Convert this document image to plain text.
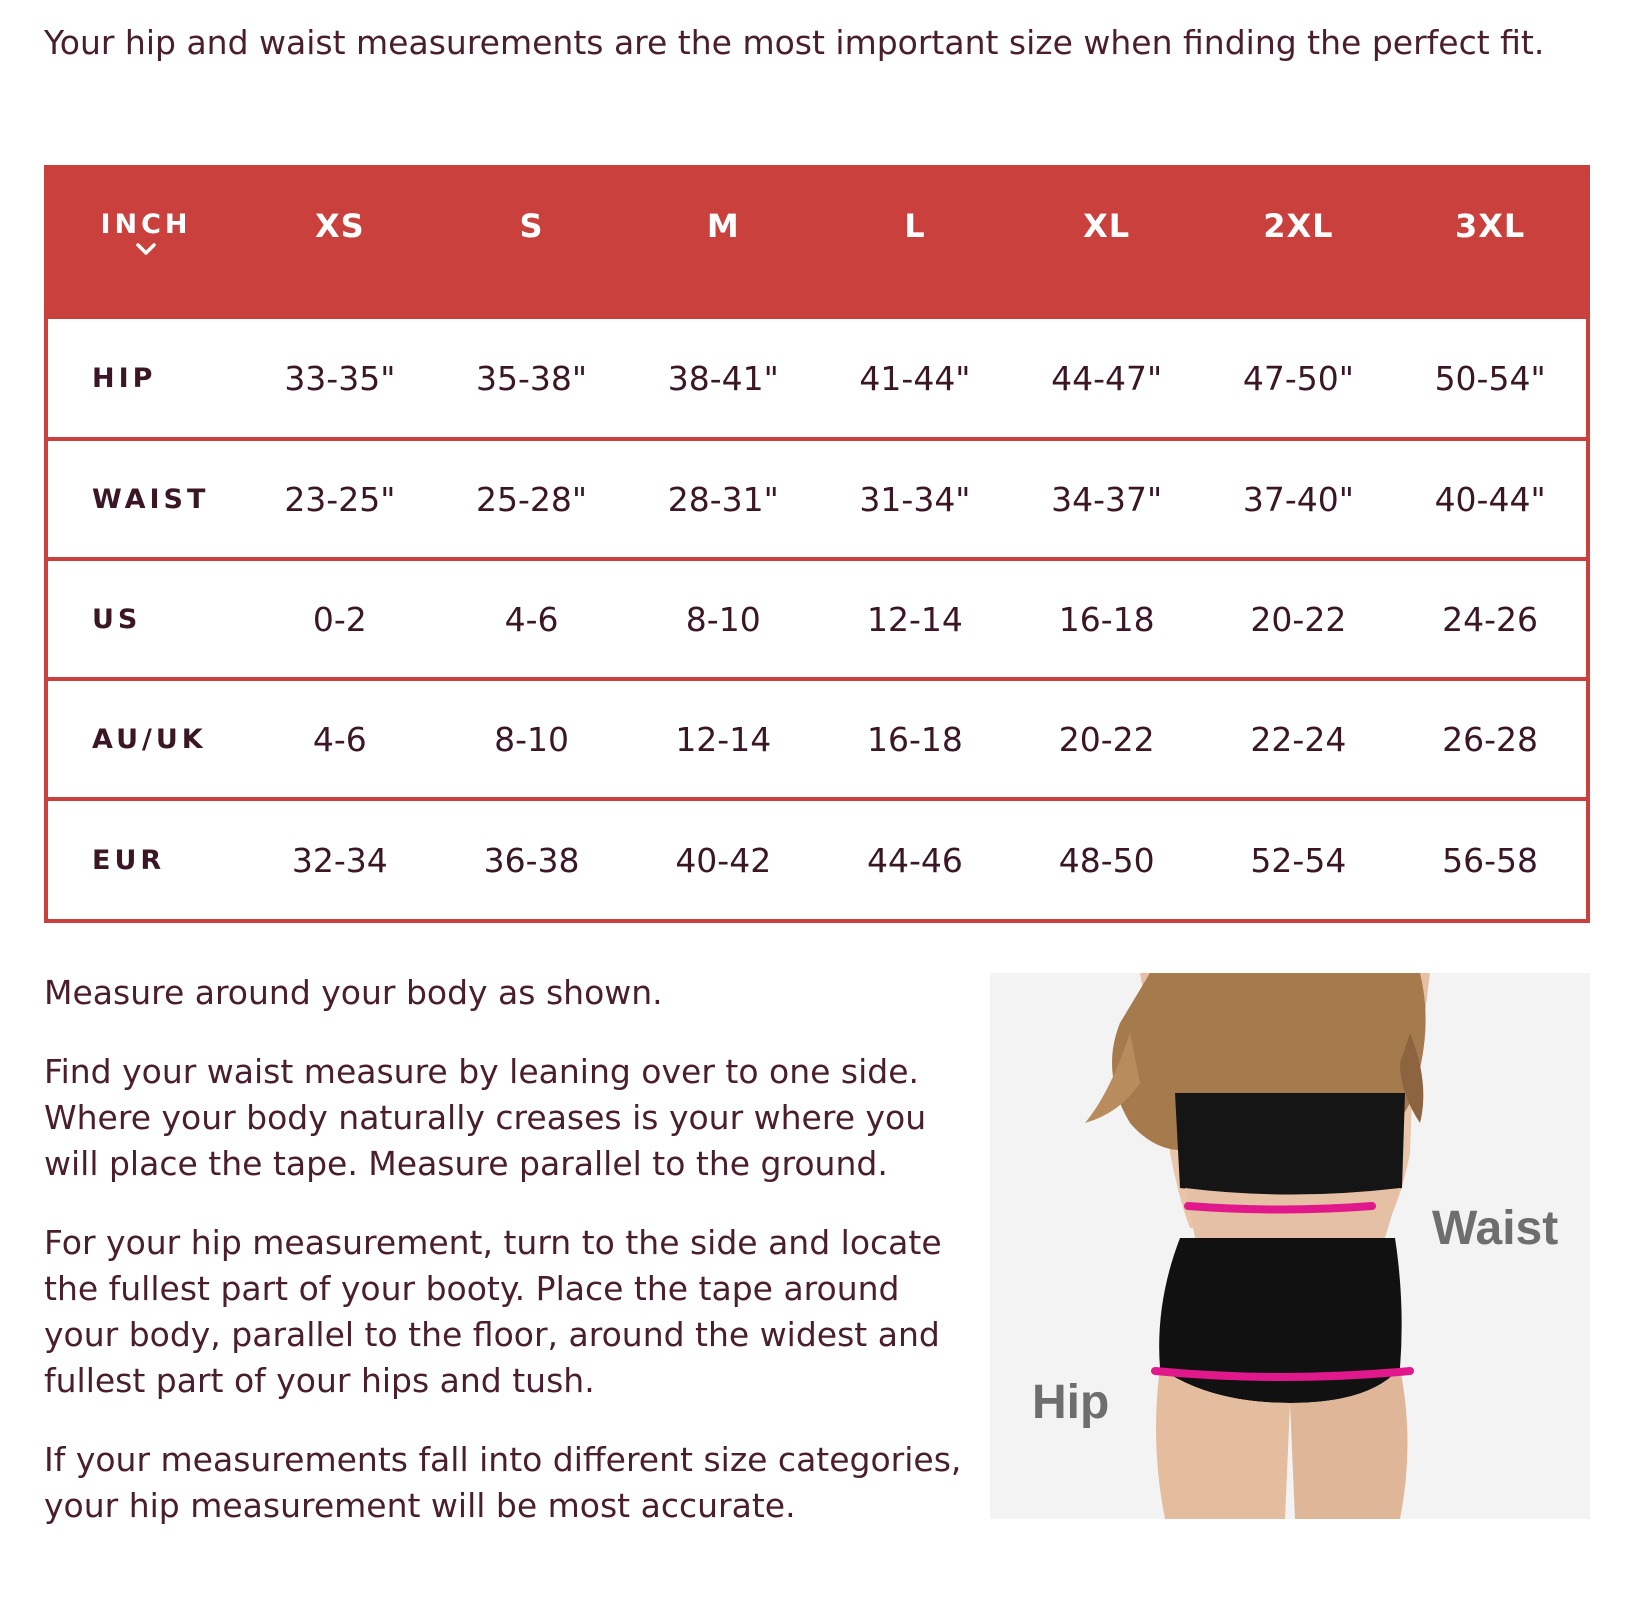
Your hip and waist measurements are the most important size when finding the perfect fit.

INCH	XS	S	M	L	XL	2XL	3XL
HIP	33-35"	35-38"	38-41"	41-44"	44-47"	47-50"	50-54"
WAIST	23-25"	25-28"	28-31"	31-34"	34-37"	37-40"	40-44"
US	0-2	4-6	8-10	12-14	16-18	20-22	24-26
AU/UK	4-6	8-10	12-14	16-18	20-22	22-24	26-28
EUR	32-34	36-38	40-42	44-46	48-50	52-54	56-58

Measure around your body as shown.

Find your waist measure by leaning over to one side. Where your body naturally creases is your where you will place the tape. Measure parallel to the ground.

For your hip measurement, turn to the side and locate the fullest part of your booty. Place the tape around your body, parallel to the floor, around the widest and fullest part of your hips and tush.

If your measurements fall into different size categories, your hip measurement will be most accurate.

Waist
Hip
